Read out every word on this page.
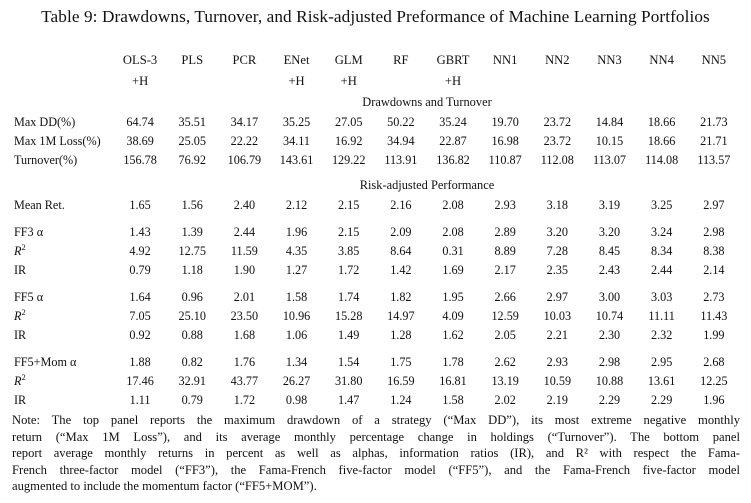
Table 9: Drawdowns, Turnover, and Risk-adjusted Preformance of Machine Learning Portfolios
	OLS-3	PLS	PCR	ENet	GLM	RF	GBRT	NN1	NN2	NN3	NN4	NN5
	+H			+H	+H		+H					
	Drawdowns and Turnover											
Max DD(%)	64.74	35.51	34.17	35.25	27.05	50.22	35.24	19.70	23.72	14.84	18.66	21.73
Max 1M Loss(%)	38.69	25.05	22.22	34.11	16.92	34.94	22.87	16.98	23.72	10.15	18.66	21.71
Turnover(%)	156.78	76.92	106.79	143.61	129.22	113.91	136.82	110.87	112.08	113.07	114.08	113.57

	Risk-adjusted Performance											
Mean Ret.	1.65	1.56	2.40	2.12	2.15	2.16	2.08	2.93	3.18	3.19	3.25	2.97

FF3 α	1.43	1.39	2.44	1.96	2.15	2.09	2.08	2.89	3.20	3.20	3.24	2.98
$R^2$	4.92	12.75	11.59	4.35	3.85	8.64	0.31	8.89	7.28	8.45	8.34	8.38
IR	0.79	1.18	1.90	1.27	1.72	1.42	1.69	2.17	2.35	2.43	2.44	2.14

FF5 α	1.64	0.96	2.01	1.58	1.74	1.82	1.95	2.66	2.97	3.00	3.03	2.73
$R^2$	7.05	25.10	23.50	10.96	15.28	14.97	4.09	12.59	10.03	10.74	11.11	11.43
IR	0.92	0.88	1.68	1.06	1.49	1.28	1.62	2.05	2.21	2.30	2.32	1.99

FF5+Mom α	1.88	0.82	1.76	1.34	1.54	1.75	1.78	2.62	2.93	2.98	2.95	2.68
$R^2$	17.46	32.91	43.77	26.27	31.80	16.59	16.81	13.19	10.59	10.88	13.61	12.25
IR	1.11	0.79	1.72	0.98	1.47	1.24	1.58	2.02	2.19	2.29	2.29	1.96
Note: The top panel reports the maximum drawdown of a strategy (“Max DD”), its most extreme negative monthly
return (“Max 1M Loss”), and its average monthly percentage change in holdings (“Turnover”). The bottom panel
report average monthly returns in percent as well as alphas, information ratios (IR), and R² with respect the Fama-
French three-factor model (“FF3”), the Fama-French five-factor model (“FF5”), and the Fama-French five-factor model
augmented to include the momentum factor (“FF5+MOM”).
